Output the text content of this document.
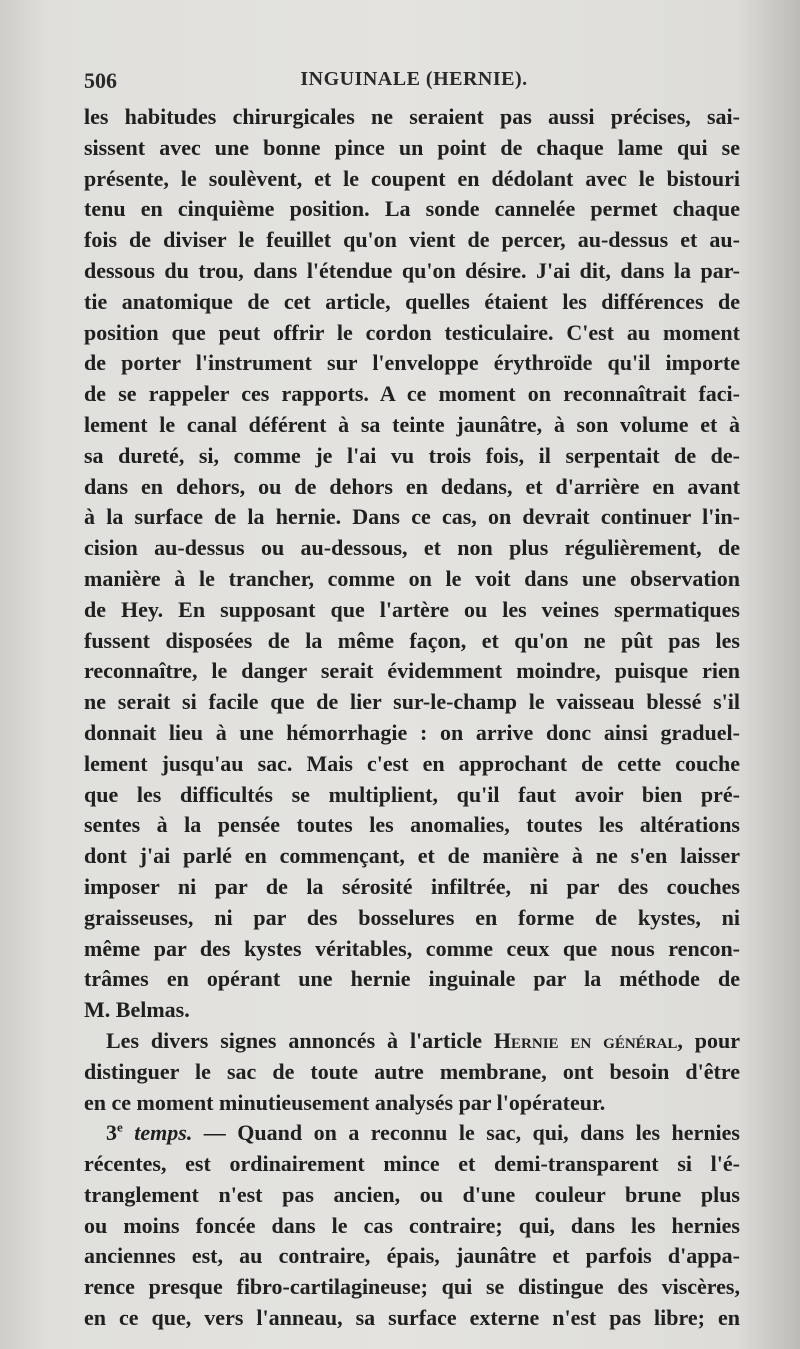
506	INGUINALE (HERNIE).
les habitudes chirurgicales ne seraient pas aussi précises, sai-
sissent avec une bonne pince un point de chaque lame qui se
présente, le soulèvent, et le coupent en dédolant avec le bistouri
tenu en cinquième position. La sonde cannelée permet chaque
fois de diviser le feuillet qu'on vient de percer, au-dessus et au-
dessous du trou, dans l'étendue qu'on désire. J'ai dit, dans la par-
tie anatomique de cet article, quelles étaient les différences de
position que peut offrir le cordon testiculaire. C'est au moment
de porter l'instrument sur l'enveloppe érythroïde qu'il importe
de se rappeler ces rapports. A ce moment on reconnaîtrait faci-
lement le canal déférent à sa teinte jaunâtre, à son volume et à
sa dureté, si, comme je l'ai vu trois fois, il serpentait de de-
dans en dehors, ou de dehors en dedans, et d'arrière en avant
à la surface de la hernie. Dans ce cas, on devrait continuer l'in-
cision au-dessus ou au-dessous, et non plus régulièrement, de
manière à le trancher, comme on le voit dans une observation
de Hey. En supposant que l'artère ou les veines spermatiques
fussent disposées de la même façon, et qu'on ne pût pas les
reconnaître, le danger serait évidemment moindre, puisque rien
ne serait si facile que de lier sur-le-champ le vaisseau blessé s'il
donnait lieu à une hémorrhagie : on arrive donc ainsi graduel-
lement jusqu'au sac. Mais c'est en approchant de cette couche
que les difficultés se multiplient, qu'il faut avoir bien pré-
sentes à la pensée toutes les anomalies, toutes les altérations
dont j'ai parlé en commençant, et de manière à ne s'en laisser
imposer ni par de la sérosité infiltrée, ni par des couches
graisseuses, ni par des bosselures en forme de kystes, ni
même par des kystes véritables, comme ceux que nous rencon-
trâmes en opérant une hernie inguinale par la méthode de
M. Belmas.
Les divers signes annoncés à l'article Hernie en général, pour
distinguer le sac de toute autre membrane, ont besoin d'être
en ce moment minutieusement analysés par l'opérateur.
3e temps. — Quand on a reconnu le sac, qui, dans les hernies
récentes, est ordinairement mince et demi-transparent si l'é-
tranglement n'est pas ancien, ou d'une couleur brune plus
ou moins foncée dans le cas contraire; qui, dans les hernies
anciennes est, au contraire, épais, jaunâtre et parfois d'appa-
rence presque fibro-cartilagineuse; qui se distingue des viscères,
en ce que, vers l'anneau, sa surface externe n'est pas libre; en
